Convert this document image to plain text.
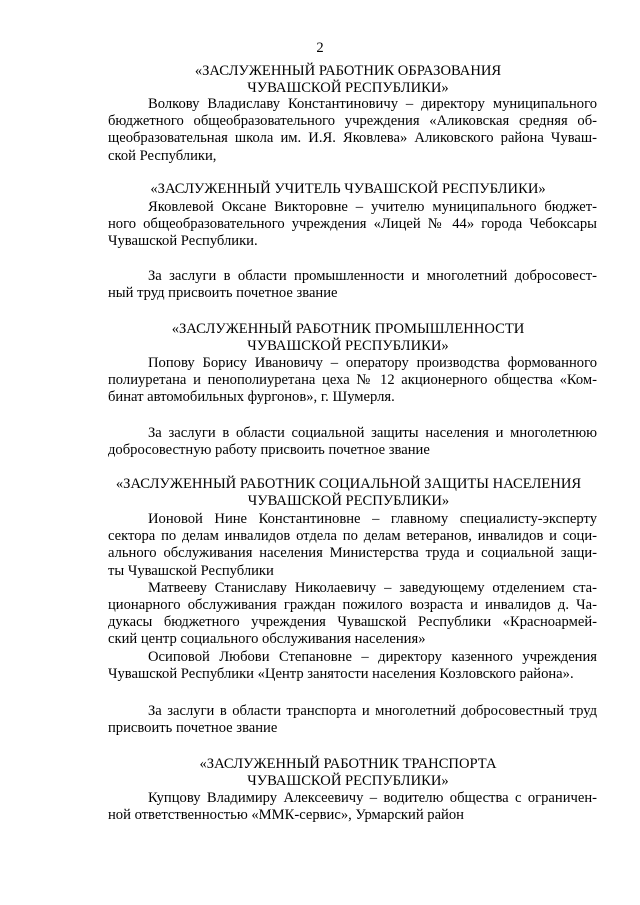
2
«ЗАСЛУЖЕННЫЙ РАБОТНИК ОБРАЗОВАНИЯ
ЧУВАШСКОЙ РЕСПУБЛИКИ»
Волкову Владиславу Константиновичу – директору муниципального
бюджетного общеобразовательного учреждения «Аликовская средняя об-
щеобразовательная школа им. И.Я. Яковлева» Аликовского района Чуваш-
ской Республики,
«ЗАСЛУЖЕННЫЙ УЧИТЕЛЬ ЧУВАШСКОЙ РЕСПУБЛИКИ»
Яковлевой Оксане Викторовне – учителю муниципального бюджет-
ного общеобразовательного учреждения «Лицей № 44» города Чебоксары
Чувашской Республики.
За заслуги в области промышленности и многолетний добросовест-
ный труд присвоить почетное звание
«ЗАСЛУЖЕННЫЙ РАБОТНИК ПРОМЫШЛЕННОСТИ
ЧУВАШСКОЙ РЕСПУБЛИКИ»
Попову Борису Ивановичу – оператору производства формованного
полиуретана и пенополиуретана цеха № 12 акционерного общества «Ком-
бинат автомобильных фургонов», г. Шумерля.
За заслуги в области социальной защиты населения и многолетнюю
добросовестную работу присвоить почетное звание
«ЗАСЛУЖЕННЫЙ РАБОТНИК СОЦИАЛЬНОЙ ЗАЩИТЫ НАСЕЛЕНИЯ
ЧУВАШСКОЙ РЕСПУБЛИКИ»
Ионовой Нине Константиновне – главному специалисту-эксперту
сектора по делам инвалидов отдела по делам ветеранов, инвалидов и соци-
ального обслуживания населения Министерства труда и социальной защи-
ты Чувашской Республики
Матвееву Станиславу Николаевичу – заведующему отделением ста-
ционарного обслуживания граждан пожилого возраста и инвалидов д. Ча-
дукасы бюджетного учреждения Чувашской Республики «Красноармей-
ский центр социального обслуживания населения»
Осиповой Любови Степановне – директору казенного учреждения
Чувашской Республики «Центр занятости населения Козловского района».
За заслуги в области транспорта и многолетний добросовестный труд
присвоить почетное звание
«ЗАСЛУЖЕННЫЙ РАБОТНИК ТРАНСПОРТА
ЧУВАШСКОЙ РЕСПУБЛИКИ»
Купцову Владимиру Алексеевичу – водителю общества с ограничен-
ной ответственностью «ММК-сервис», Урмарский район
